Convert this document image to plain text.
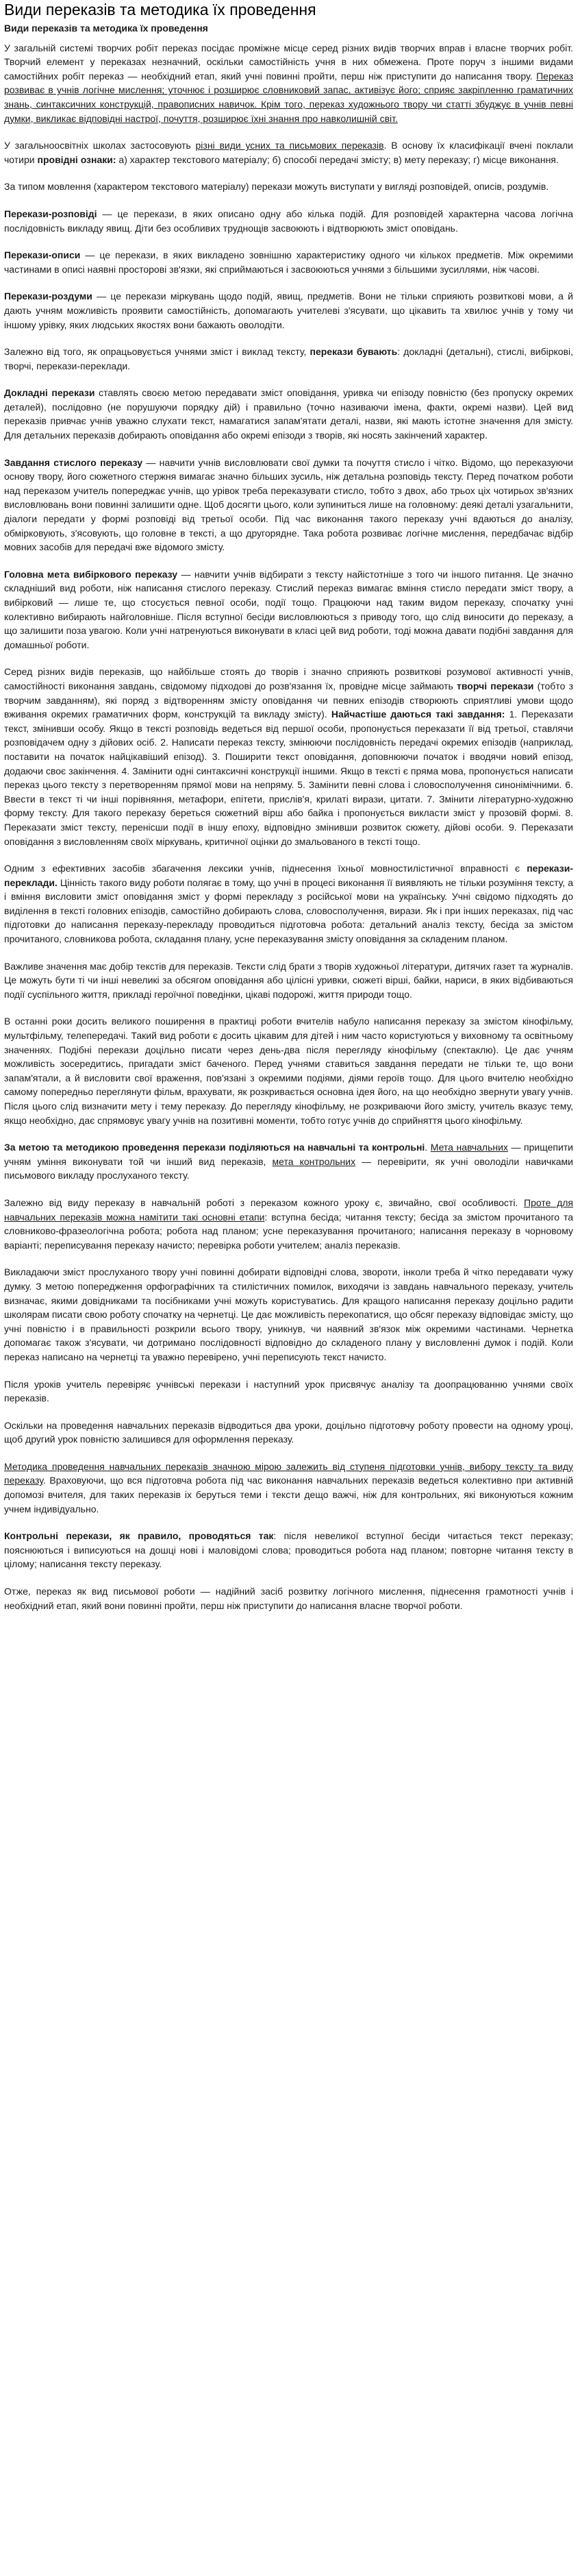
Види переказів та методика їх проведення

Види переказів та методика їх проведення

У загальній системі творчих робіт переказ посідає проміжне місце серед різних видів творчих вправ і власне творчих робіт. Творчий елемент у переказах незначний, оскільки самостійність учня в них обмежена. Проте поруч з іншими видами самостійних робіт переказ — необхідний етап, який учні повинні пройти, перш ніж приступити до написання твору. Переказ розвиває в учнів логічне мислення; уточнює і розширює словниковий запас, активізує його; сприяє закріпленню граматичних знань, синтаксичних конструкцій, правописних навичок. Крім того, переказ художнього твору чи статті збуджує в учнів певні думки, викликає відповідні настрої, почуття, розширює їхні знання про навколишній світ.

У загальноосвітніх школах застосовують різні види усних та письмових переказів. В основу їх класифікації вчені поклали чотири провідні ознаки: а) характер текстового матеріалу; б) способі передачі змісту; в) мету переказу; г) місце виконання.

За типом мовлення (характером текстового матеріалу) перекази можуть виступати у вигляді розповідей, описів, роздумів.

Перекази-розповіді — це перекази, в яких описано одну або кілька подій. Для розповідей характерна часова логічна послідовність викладу явищ. Діти без особливих труднощів засвоюють і відтворюють зміст оповідань.

Перекази-описи — це перекази, в яких викладено зовнішню характеристику одного чи кількох предметів. Між окремими частинами в описі наявні просторові зв'язки, які сприймаються і засвоюються учнями з більшими зусиллями, ніж часові.

Перекази-роздуми — це перекази міркувань щодо подій, явищ, предметів. Вони не тільки сприяють розвиткові мови, а й дають учням можливість проявити самостійність, допомагають учителеві з'ясувати, що цікавить та хвилює учнів у тому чи іншому урівку, яких людських якостях вони бажають оволодіти.

Залежно від того, як опрацьовується учнями зміст і виклад тексту, перекази бувають: докладні (детальні), стислі, вибіркові, творчі, перекази-переклади.

Докладні перекази ставлять своєю метою передавати зміст оповідання, уривка чи епізоду повністю (без пропуску окремих деталей), послідовно (не порушуючи порядку дій) і правильно (точно називаючи імена, факти, окремі назви). Цей вид переказів привчає учнів уважно слухати текст, намагатися запам'ятати деталі, назви, які мають істотне значення для змісту. Для детальних переказів добирають оповідання або окремі епізоди з творів, які носять закінчений характер.

Завдання стислого переказу — навчити учнів висловлювати свої думки та почуття стисло і чітко. Відомо, що переказуючи основу твору, його сюжетного стержня вимагає значно більших зусиль, ніж детальна розповідь тексту. Перед початком роботи над переказом учитель попереджає учнів, що урівок треба переказувати стисло, тобто з двох, або трьох ціх чотирьох зв'язних висловлювань вони повинні залишити одне. Щоб досягти цього, коли зупиниться лише на головному: деякі деталі узагальнити, діалоги передати у формі розповіді від третьої особи. Під час виконання такого переказу учні вдаються до аналізу, обмірковують, з'ясовують, що головне в тексті, а що другорядне. Така робота розвиває логічне мислення, передбачає відбір мовних засобів для передачі вже відомого змісту.

Головна мета вибіркового переказу — навчити учнів відбирати з тексту найістотніше з того чи іншого питання. Це значно складніший вид роботи, ніж написання стислого переказу. Стислий переказ вимагає вміння стисло передати зміст твору, а вибірковий — лише те, що стосується певної особи, події тощо. Працюючи над таким видом переказу, спочатку учні колективно вибирають найголовніше. Після вступної бесіди висловлюються з приводу того, що слід виносити до переказу, а що залишити поза увагою. Коли учні натренуються виконувати в класі цей вид роботи, тоді можна давати подібні завдання для домашньої роботи.

Серед різних видів переказів, що найбільше стоять до творів і значно сприяють розвиткові розумової активності учнів, самостійності виконання завдань, свідомому підходові до розв'язання їх, провідне місце займають творчі перекази (тобто з творчим завданням), які поряд з відтворенням змісту оповідання чи певних епізодів створюють сприятливі умови щодо вживання окремих граматичних форм, конструкцій та викладу змісту). Найчастіше даються такі завдання: 1. Переказати текст, змінивши особу. Якщо в тексті розповідь ведеться від першої особи, пропонується переказати її від третьої, ставлячи розповідачем одну з дійових осіб. 2. Написати переказ тексту, змінюючи послідовність передачі окремих епізодів (наприклад, поставити на початок найцікавіший епізод). 3. Поширити текст оповідання, доповнюючи початок і вводячи новий епізод, додаючи своє закінчення. 4. Замінити одні синтаксичні конструкції іншими. Якщо в тексті є пряма мова, пропонується написати переказ цього тексту з перетворенням прямої мови на непряму. 5. Замінити певні слова і словосполучення синонімічними. 6. Ввести в текст ті чи інші порівняння, метафори, епітети, прислів'я, крилаті вирази, цитати. 7. Змінити літературно-художню форму тексту. Для такого переказу береться сюжетний вірш або байка і пропонується викласти зміст у прозовій формі. 8. Переказати зміст тексту, перенісши події в іншу епоху, відповідно змінивши розвиток сюжету, дійові особи. 9. Переказати оповідання з висловленням своїх міркувань, критичної оцінки до змальованого в тексті тощо.

Одним з ефективних засобів збагачення лексики учнів, піднесення їхньої мовностилістичної вправності є перекази-переклади. Цінність такого виду роботи полягає в тому, що учні в процесі виконання її виявляють не тільки розуміння тексту, а і вміння висловити зміст оповідання зміст у формі перекладу з російської мови на українську. Учні свідомо підходять до виділення в тексті головних епізодів, самостійно добирають слова, словосполучення, вирази. Як і при інших переказах, під час підготовки до написання переказу-перекладу проводиться підготовча робота: детальний аналіз тексту, бесіда за змістом прочитаного, словникова робота, складання плану, усне переказування змісту оповідання за складеним планом.

Важливе значення має добір текстів для переказів. Тексти слід брати з творів художньої літератури, дитячих газет та журналів. Це можуть бути ті чи інші невеликі за обсягом оповідання або цілісні уривки, сюжеті вірші, байки, нариси, в яких відбиваються події суспільного життя, прикладі героїчної поведінки, цікаві подорожі, життя природи тощо.

В останні роки досить великого поширення в практиці роботи вчителів набуло написання переказу за змістом кінофільму, мультфільму, телепередачі. Такий вид роботи є досить цікавим для дітей і ним часто користуються у виховному та освітньому значеннях. Подібні перекази доцільно писати через день-два після перегляду кінофільму (спектаклю). Це дає учням можливість зосередитись, пригадати зміст баченого. Перед учнями ставиться завдання передати не тільки те, що вони запам'ятали, а й висловити свої враження, пов'язані з окремими подіями, діями героїв тощо. Для цього вчителю необхідно самому попередньо переглянути фільм, врахувати, як розкривається основна ідея його, на що необхідно звернути увагу учнів. Після цього слід визначити мету і тему переказу. До перегляду кінофільму, не розкриваючи його змісту, учитель вказує тему, якщо необхідно, дає спрямовує увагу учнів на позитивні моменти, тобто готує учнів до сприйняття цього кінофільму.

За метою та методикою проведення перекази поділяються на навчальні та контрольні. Мета навчальних — прищепити учням уміння виконувати той чи інший вид переказів, мета контрольних — перевірити, як учні оволоділи навичками письмового викладу прослуханого тексту.

Залежно від виду переказу в навчальній роботі з переказом кожного уроку є, звичайно, свої особливості. Проте для навчальних переказів можна намітити такі основні етапи: вступна бесіда; читання тексту; бесіда за змістом прочитаного та словниково-фразеологічна робота; робота над планом; усне переказування прочитаного; написання переказу в чорновому варіанті; переписування переказу начисто; перевірка роботи учителем; аналіз переказів.

Викладаючи зміст прослуханого твору учні повинні добирати відповідні слова, звороти, інколи треба й чітко передавати чужу думку. З метою попередження орфографічних та стилістичних помилок, виходячи із завдань навчального переказу, учитель визначає, якими довідниками та посібниками учні можуть користуватись. Для кращого написання переказу доцільно радити школярам писати свою роботу спочатку на чернетці. Це дає можливість перекопатися, що обсяг переказу відповідає змісту, що учні повністю і в правильності розкрили всього твору, уникнув, чи наявний зв'язок між окремими частинами. Чернетка допомагає також з'ясувати, чи дотримано послідовності відповідно до складеного плану у висловленні думок і подій. Коли переказ написано на чернетці та уважно перевірено, учні переписують текст начисто.

Після уроків учитель перевіряє учнівські перекази і наступний урок присвячує аналізу та доопрацюванню учнями своїх переказів.

Оскільки на проведення навчальних переказів відводиться два уроки, доцільно підготовчу роботу провести на одному уроці, щоб другий урок повністю залишився для оформлення переказу.

Методика проведення навчальних переказів значною мірою залежить від ступеня підготовки учнів, вибору тексту та виду переказу. Враховуючи, що вся підготовча робота під час виконання навчальних переказів ведеться колективно при активній допомозі вчителя, для таких переказів іх беруться теми і тексти дещо важчі, ніж для контрольних, які виконуються кожним учнем індивідуально.

Контрольні перекази, як правило, проводяться так: після невеликої вступної бесіди читається текст переказу; пояснюються і виписуються на дошці нові і маловідомі слова; проводиться робота над планом; повторне читання тексту в цілому; написання тексту переказу.

Отже, переказ як вид письмової роботи — надійний засіб розвитку логічного мислення, піднесення грамотності учнів і необхідний етап, який вони повинні пройти, перш ніж приступити до написання власне творчої роботи.
